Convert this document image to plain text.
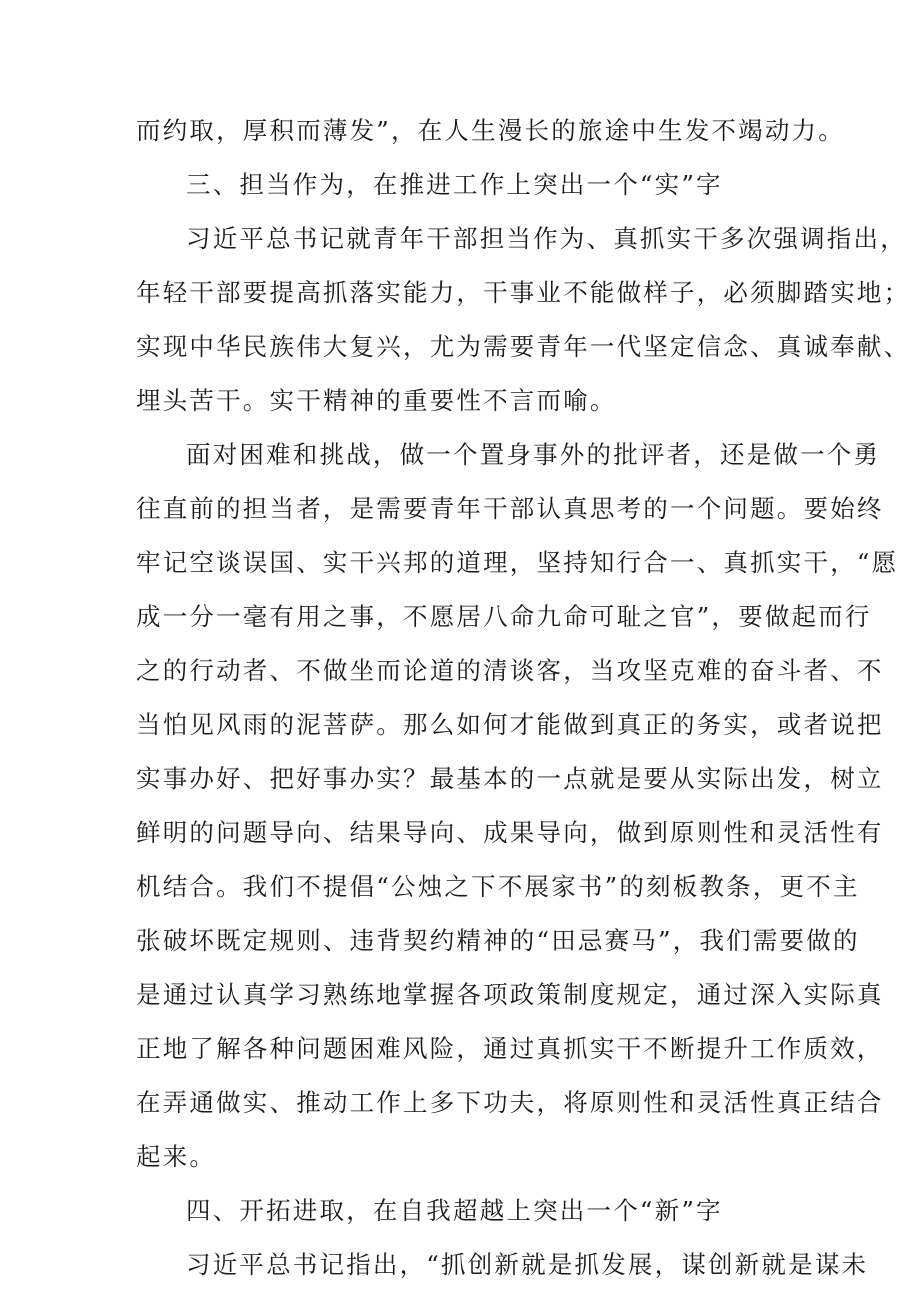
而约取，厚积而薄发”，在人生漫长的旅途中生发不竭动力。
三、担当作为，在推进工作上突出一个“实”字
习近平总书记就青年干部担当作为、真抓实干多次强调指出，
年轻干部要提高抓落实能力，干事业不能做样子，必须脚踏实地；
实现中华民族伟大复兴，尤为需要青年一代坚定信念、真诚奉献、
埋头苦干。实干精神的重要性不言而喻。
面对困难和挑战，做一个置身事外的批评者，还是做一个勇
往直前的担当者，是需要青年干部认真思考的一个问题。要始终
牢记空谈误国、实干兴邦的道理，坚持知行合一、真抓实干，“愿
成一分一毫有用之事，不愿居八命九命可耻之官”，要做起而行
之的行动者、不做坐而论道的清谈客，当攻坚克难的奋斗者、不
当怕见风雨的泥菩萨。那么如何才能做到真正的务实，或者说把
实事办好、把好事办实？最基本的一点就是要从实际出发，树立
鲜明的问题导向、结果导向、成果导向，做到原则性和灵活性有
机结合。我们不提倡“公烛之下不展家书”的刻板教条，更不主
张破坏既定规则、违背契约精神的“田忌赛马”，我们需要做的
是通过认真学习熟练地掌握各项政策制度规定，通过深入实际真
正地了解各种问题困难风险，通过真抓实干不断提升工作质效，
在弄通做实、推动工作上多下功夫，将原则性和灵活性真正结合
起来。
四、开拓进取，在自我超越上突出一个“新”字
习近平总书记指出，“抓创新就是抓发展，谋创新就是谋未
